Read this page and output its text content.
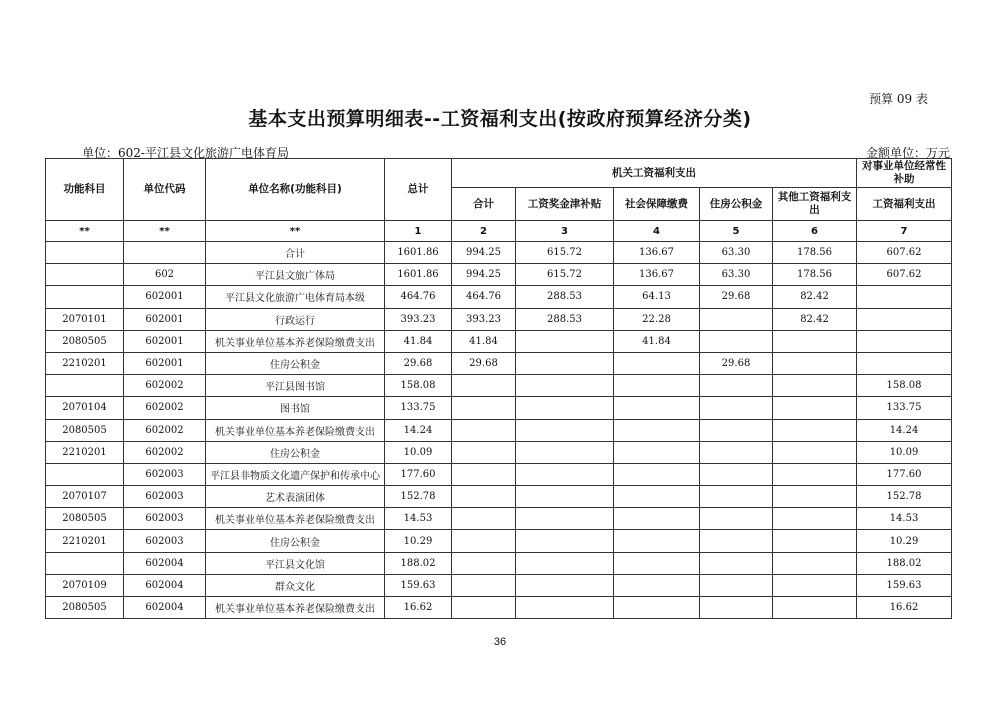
预算 09 表
基本支出预算明细表--工资福利支出(按政府预算经济分类)
单位：602-平江县文化旅游广电体育局	金额单位：万元
功能科目	单位代码	单位名称(功能科目)	总计	机关工资福利支出					对事业单位经常性补助
				合计	工资奖金津补贴	社会保障缴费	住房公积金	其他工资福利支出	工资福利支出
**	**	**	1	2	3	4	5	6	7
		合计	1601.86	994.25	615.72	136.67	63.30	178.56	607.62
	602	平江县文旅广体局	1601.86	994.25	615.72	136.67	63.30	178.56	607.62
	602001	平江县文化旅游广电体育局本级	464.76	464.76	288.53	64.13	29.68	82.42	
2070101	602001	行政运行	393.23	393.23	288.53	22.28		82.42	
2080505	602001	机关事业单位基本养老保险缴费支出	41.84	41.84		41.84			
2210201	602001	住房公积金	29.68	29.68			29.68		
	602002	平江县图书馆	158.08						158.08
2070104	602002	图书馆	133.75						133.75
2080505	602002	机关事业单位基本养老保险缴费支出	14.24						14.24
2210201	602002	住房公积金	10.09						10.09
	602003	平江县非物质文化遗产保护和传承中心	177.60						177.60
2070107	602003	艺术表演团体	152.78						152.78
2080505	602003	机关事业单位基本养老保险缴费支出	14.53						14.53
2210201	602003	住房公积金	10.29						10.29
	602004	平江县文化馆	188.02						188.02
2070109	602004	群众文化	159.63						159.63
2080505	602004	机关事业单位基本养老保险缴费支出	16.62						16.62
36
